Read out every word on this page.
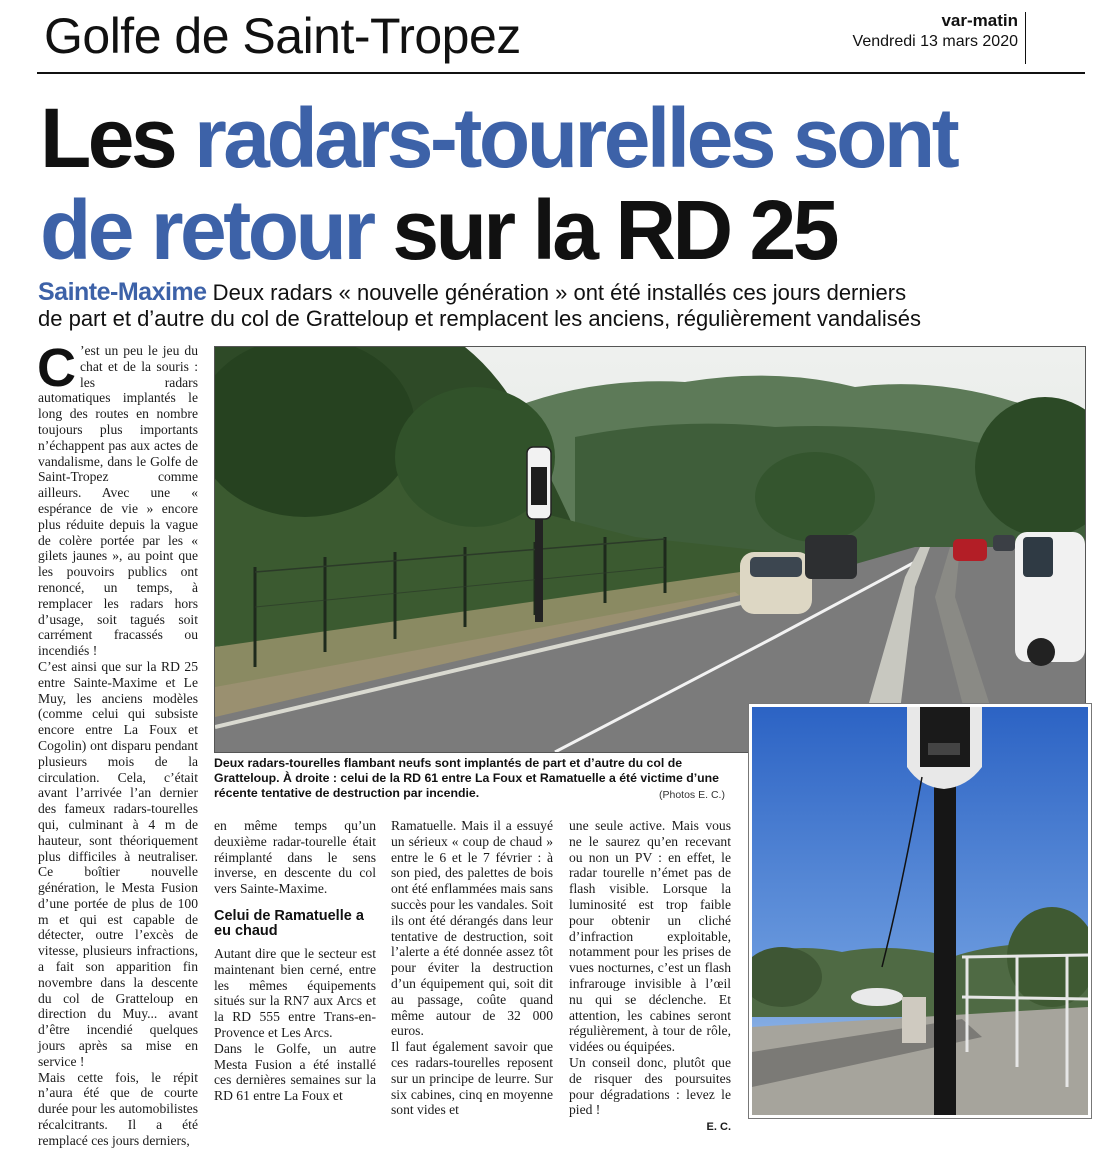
Golfe de Saint-Tropez	var-matin
Vendredi 13 mars 2020
Les radars-tourelles sont
de retour sur la RD 25
Sainte-Maxime Deux radars « nouvelle génération » ont été installés ces jours derniers
de part et d’autre du col de Gratteloup et remplacent les anciens, régulièrement vandalisés

C ’est un peu le jeu du chat et de la souris : les radars automatiques implantés le long des routes en nombre toujours plus importants n’échappent pas aux actes de vandalisme, dans le Golfe de Saint-Tropez comme ailleurs. Avec une « espérance de vie » encore plus réduite depuis la vague de colère portée par les « gilets jaunes », au point que les pouvoirs publics ont renoncé, un temps, à remplacer les radars hors d’usage, soit tagués soit carrément fracassés ou incendiés !

C’est ainsi que sur la RD 25 entre Sainte-Maxime et Le Muy, les anciens modèles (comme celui qui subsiste encore entre La Foux et Cogolin) ont disparu pendant plusieurs mois de la circulation. Cela, c’était avant l’arrivée l’an dernier des fameux radars-tourelles qui, culminant à 4 m de hauteur, sont théoriquement plus difficiles à neutraliser. Ce boîtier nouvelle génération, le Mesta Fusion d’une portée de plus de 100 m et qui est capable de détecter, outre l’excès de vitesse, plusieurs infractions, a fait son apparition fin novembre dans la descente du col de Gratteloup en direction du Muy... avant d’être incendié quelques jours après sa mise en service !

Mais cette fois, le répit n’aura été que de courte durée pour les automobilistes récalcitrants. Il a été remplacé ces jours derniers,

en même temps qu’un deuxième radar-tourelle était réimplanté dans le sens inverse, en descente du col vers Sainte-Maxime.

Celui de Ramatuelle a eu chaud

Autant dire que le secteur est maintenant bien cerné, entre les mêmes équipements situés sur la RN7 aux Arcs et la RD 555 entre Trans-en-Provence et Les Arcs.

Dans le Golfe, un autre Mesta Fusion a été installé ces dernières semaines sur la RD 61 entre La Foux et

Ramatuelle. Mais il a essuyé un sérieux « coup de chaud » entre le 6 et le 7 février : à son pied, des palettes de bois ont été enflammées mais sans succès pour les vandales. Soit ils ont été dérangés dans leur tentative de destruction, soit l’alerte a été donnée assez tôt pour éviter la destruction d’un équipement qui, soit dit au passage, coûte quand même autour de 32 000 euros.

Il faut également savoir que ces radars-tourelles reposent sur un principe de leurre. Sur six cabines, cinq en moyenne sont vides et

une seule active. Mais vous ne le saurez qu’en recevant ou non un PV : en effet, le radar tourelle n’émet pas de flash visible. Lorsque la luminosité est trop faible pour obtenir un cliché d’infraction exploitable, notamment pour les prises de vues nocturnes, c’est un flash infrarouge invisible à l’œil nu qui se déclenche. Et attention, les cabines seront régulièrement, à tour de rôle, vidées ou équipées.

Un conseil donc, plutôt que de risquer des poursuites pour dégradations : levez le pied !
E. C.
Deux radars-tourelles flambant neufs sont implantés de part et d’autre du col de Gratteloup. À droite : celui de la RD 61 entre La Foux et Ramatuelle a été victime d’une récente tentative de destruction par incendie.	(Photos E. C.)
